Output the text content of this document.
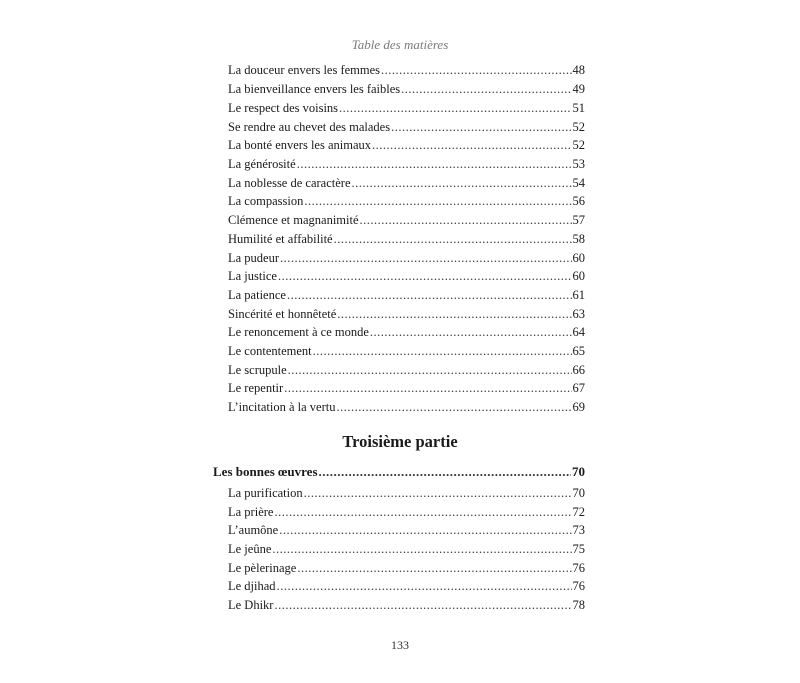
Table des matières
La douceur envers les femmes .....	48
La bienveillance envers les faibles .....	49
Le respect des voisins .....	51
Se rendre au chevet des malades .....	52
La bonté envers les animaux .....	52
La générosité .....	53
La noblesse de caractère .....	54
La compassion .....	56
Clémence et magnanimité .....	57
Humilité et affabilité .....	58
La pudeur .....	60
La justice .....	60
La patience .....	61
Sincérité et honnêteté .....	63
Le renoncement à ce monde .....	64
Le contentement .....	65
Le scrupule .....	66
Le repentir .....	67
L’incitation à la vertu .....	69
Troisième partie
Les bonnes œuvres .....	70
La purification .....	70
La prière .....	72
L’aumône .....	73
Le jeûne .....	75
Le pèlerinage .....	76
Le djihad .....	76
Le Dhikr .....	78
133
